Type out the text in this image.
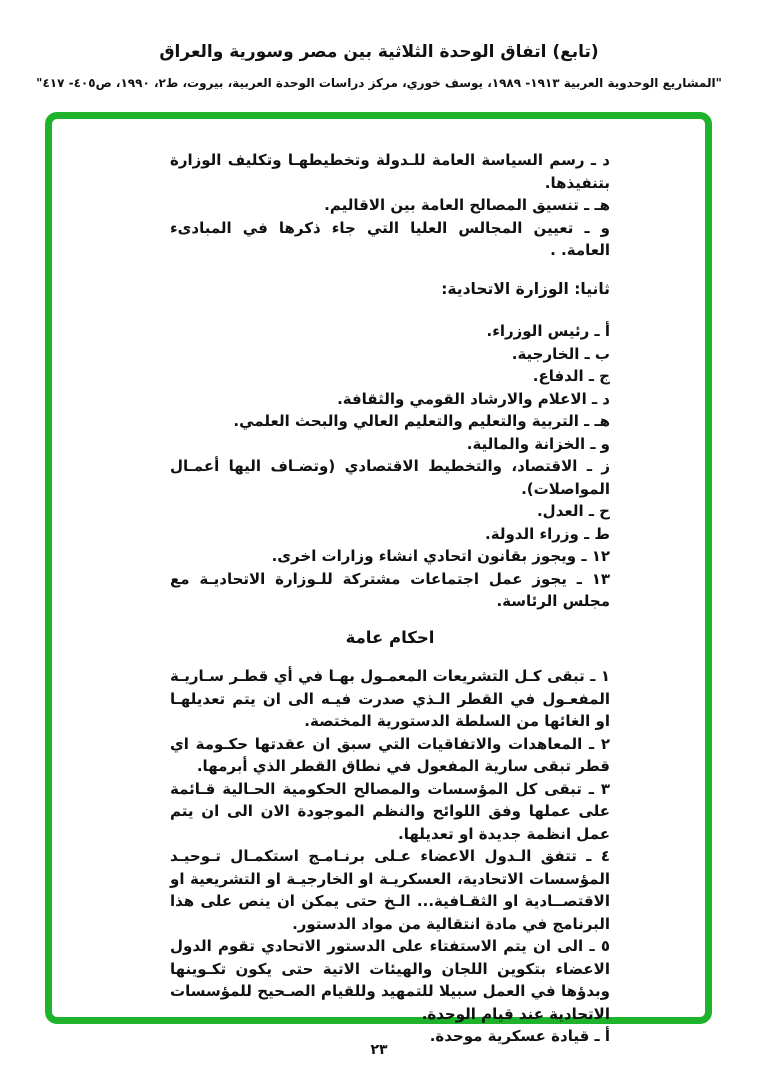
(تابع) اتفاق الوحدة الثلاثية بين مصر وسورية والعراق
"المشاريع الوحدوية العربية ١٩١٣- ١٩٨٩، يوسف خوري، مركز دراسات الوحدة العربية، بيروت، ط٢، ١٩٩٠، ص٤٠٥- ٤١٧"

د ـ رسم السياسة العامة للـدولة وتخطيطهـا وتكليف الوزارة بتنفيذها.

هـ ـ تنسيق المصالح العامة بين الاقاليم.

و ـ تعيين المجالس العليا التي جاء ذكرها في المبادىء العامة. .

ثانيا: الوزارة الاتحادية:

أ ـ رئيس الوزراء.

ب ـ الخارجية.

ج ـ الدفاع.

د ـ الاعلام والارشاد القومي والثقافة.

هـ ـ التربية والتعليم والتعليم العالي والبحث العلمي.

و ـ الخزانة والمالية.

ز ـ الاقتصاد، والتخطيط الاقتصادي (وتضـاف اليها أعمـال المواصلات).

ح ـ العدل.

ط ـ وزراء الدولة.

١٢ ـ ويجوز بقانون اتحادي انشاء وزارات اخرى.

١٣ ـ يجوز عمل اجتماعات مشتركة للـوزارة الاتحاديـة مع مجلس الرئاسة.

احكام عامة

١ ـ تبقى كـل التشريعات المعمـول بهـا في أي قطـر سـاريـة المفعـول في القطر الـذي صدرت فيـه الى ان يتم تعديلهـا او الغائها من السلطة الدستورية المختصة.

٢ ـ المعاهدات والاتفاقيات التي سبق ان عقدتها حكـومة اي قطر تبقى سارية المفعول في نطاق القطر الذي أبرمها.

٣ ـ تبقى كل المؤسسات والمصالح الحكومية الحـالية قـائمة على عملها وفق اللوائح والنظم الموجودة الان الى ان يتم عمل انظمة جديدة او تعديلها.

٤ ـ تتفق الـدول الاعضاء عـلى برنـامـج استكمـال تـوحيـد المؤسسات الاتحادية، العسكريـة او الخارجيـة او التشريعية او الاقتصــادية او الثقـافية... الـخ حتى يمكن ان ينص على هذا البرنامج في مادة انتقالية من مواد الدستور.

٥ ـ الى ان يتم الاستفتاء على الدستور الاتحادي تقوم الدول الاعضاء بتكوين اللجان والهيئات الاتية حتى يكون تكـوينها وبدؤها في العمل سبيلا للتمهيد وللقيام الصـحيح للمؤسسات الاتحادية عند قيام الوحدة.

أ ـ قيادة عسكرية موحدة.

٢٣
